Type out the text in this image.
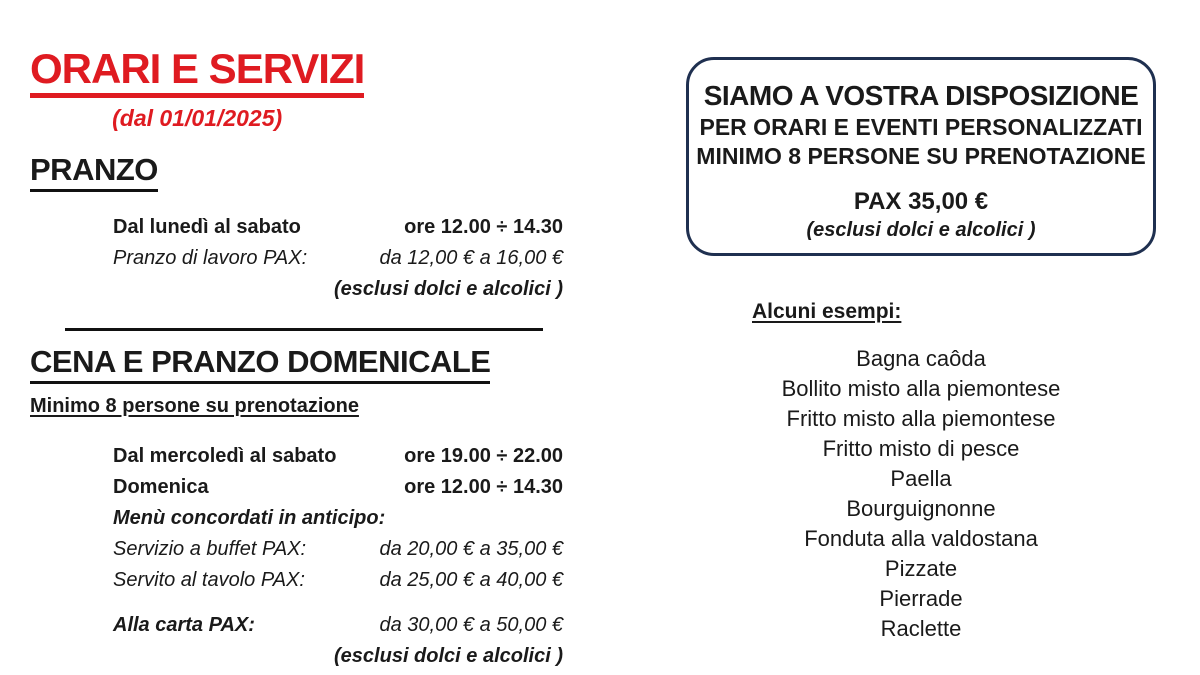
ORARI E SERVIZI
(dal 01/01/2025)
PRANZO
Dal lunedì al sabato	ore 12.00 ÷ 14.30
Pranzo di lavoro PAX:	da 12,00 € a 16,00 €
(esclusi dolci e alcolici )
CENA E PRANZO DOMENICALE
Minimo 8 persone su prenotazione
Dal mercoledì al sabato	ore 19.00 ÷ 22.00
Domenica	ore 12.00 ÷ 14.30
Menù concordati in anticipo:
Servizio a buffet PAX:	da 20,00 € a 35,00 €
Servito al tavolo PAX:	da 25,00 € a 40,00 €
Alla carta PAX:	da 30,00 € a 50,00 €
(esclusi dolci e alcolici )
SIAMO A VOSTRA DISPOSIZIONE
PER ORARI E EVENTI PERSONALIZZATI
MINIMO 8 PERSONE SU PRENOTAZIONE
PAX 35,00 €
(esclusi dolci e alcolici )
Alcuni esempi:
Bagna caôda
Bollito misto alla piemontese
Fritto misto alla piemontese
Fritto misto di pesce
Paella
Bourguignonne
Fonduta alla valdostana
Pizzate
Pierrade
Raclette
